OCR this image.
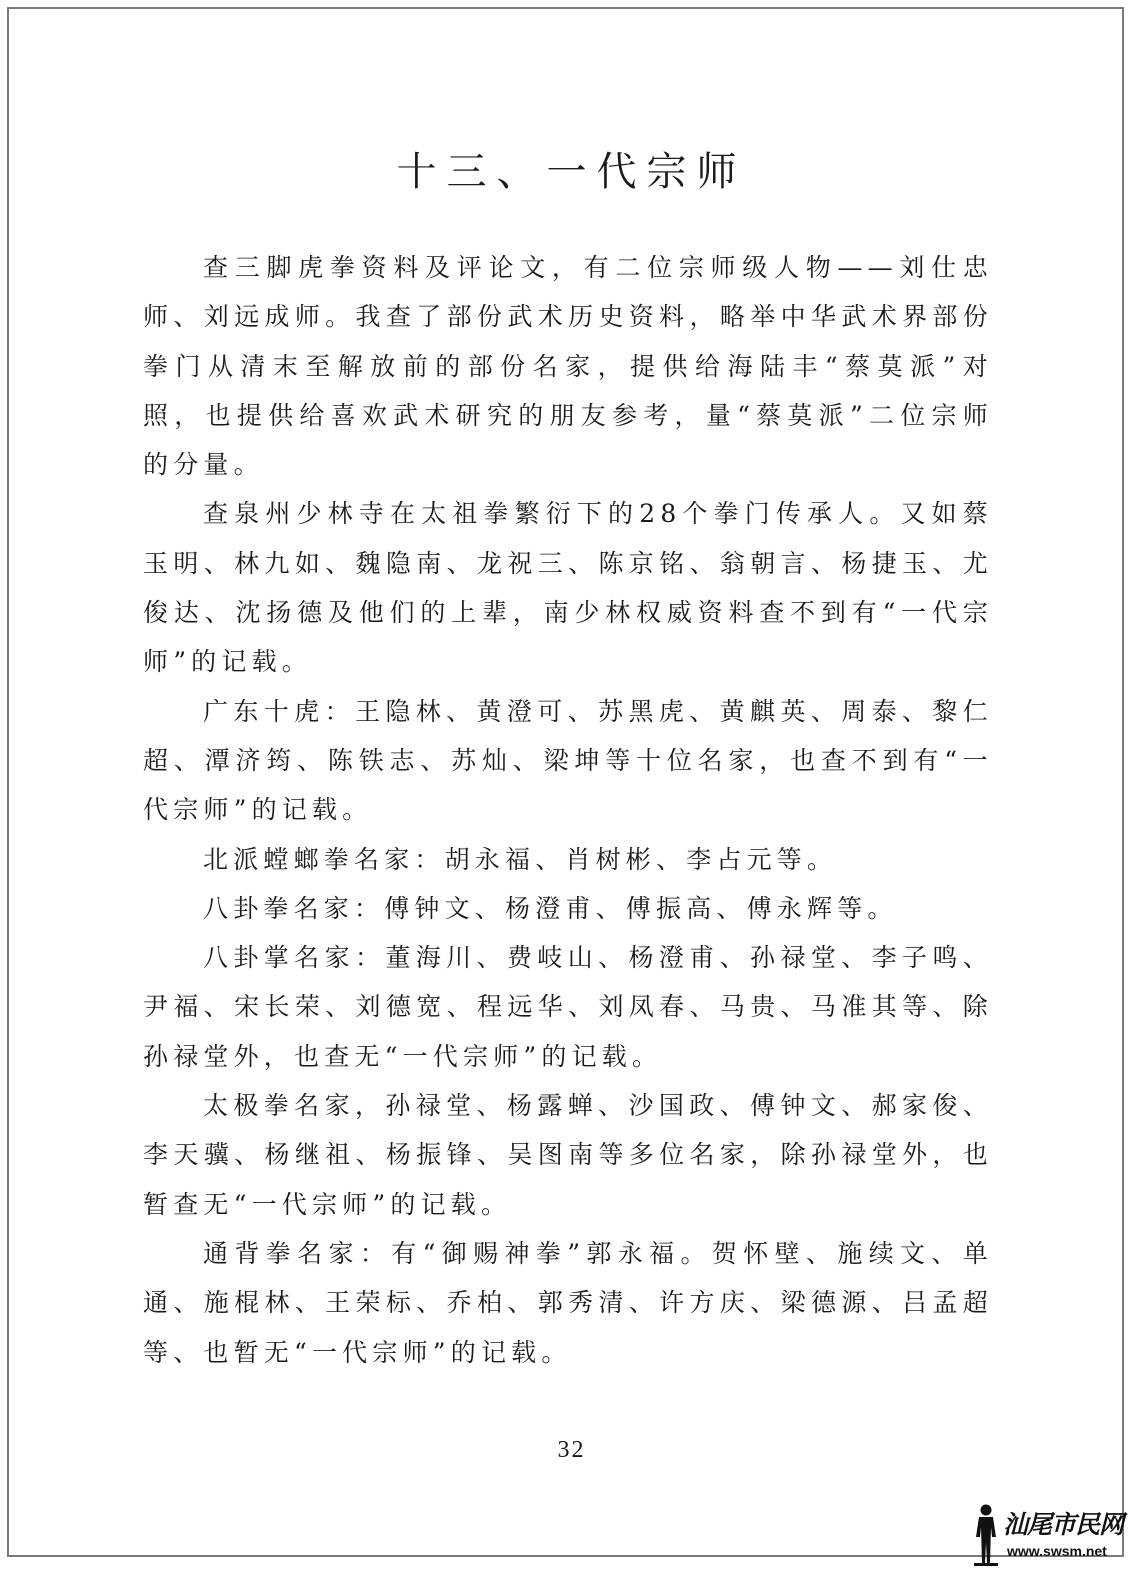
十三、一代宗师

查三脚虎拳资料及评论文，有二位宗师级人物——刘仕忠师、刘远成师。我查了部份武术历史资料，略举中华武术界部份拳门从清末至解放前的部份名家，提供给海陆丰“蔡莫派”对照，也提供给喜欢武术研究的朋友参考，量“蔡莫派”二位宗师的分量。

查泉州少林寺在太祖拳繁衍下的28个拳门传承人。又如蔡玉明、林九如、魏隐南、龙祝三、陈京铭、翁朝言、杨捷玉、尤俊达、沈扬德及他们的上辈，南少林权威资料查不到有“一代宗师”的记载。

广东十虎：王隐林、黄澄可、苏黑虎、黄麒英、周泰、黎仁超、潭济筠、陈铁志、苏灿、梁坤等十位名家，也查不到有“一代宗师”的记载。

北派螳螂拳名家：胡永福、肖树彬、李占元等。

八卦拳名家：傅钟文、杨澄甫、傅振高、傅永辉等。

八卦掌名家：董海川、费岐山、杨澄甫、孙禄堂、李子鸣、尹福、宋长荣、刘德宽、程远华、刘凤春、马贵、马准其等、除孙禄堂外，也查无“一代宗师”的记载。

太极拳名家，孙禄堂、杨露蝉、沙国政、傅钟文、郝家俊、李天骥、杨继祖、杨振锋、吴图南等多位名家，除孙禄堂外，也暂查无“一代宗师”的记载。

通背拳名家：有“御赐神拳”郭永福。贺怀壁、施续文、单通、施棍林、王荣标、乔柏、郭秀清、许方庆、梁德源、吕孟超等、也暂无“一代宗师”的记载。

32
汕尾市民网
www.swsm.net
